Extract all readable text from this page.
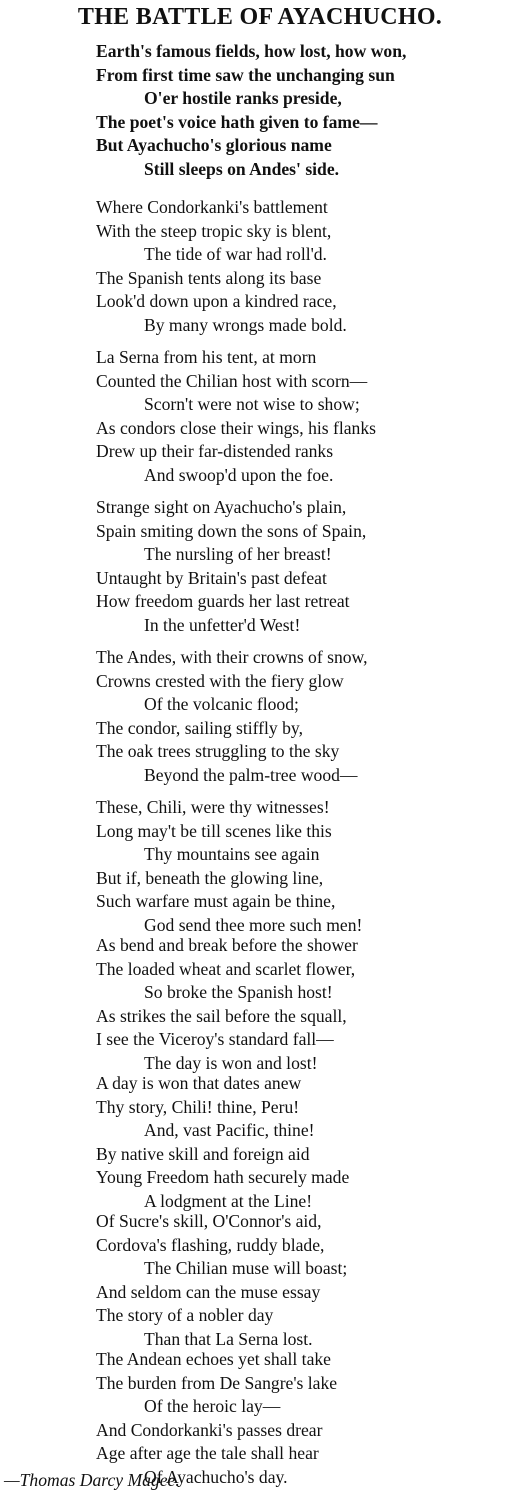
THE BATTLE OF AYACHUCHO.
Earth's famous fields, how lost, how won,
From first time saw the unchanging sun
O'er hostile ranks preside,
The poet's voice hath given to fame—
But Ayachucho's glorious name
Still sleeps on Andes' side.
Where Condorkanki's battlement
With the steep tropic sky is blent,
The tide of war had roll'd.
The Spanish tents along its base
Look'd down upon a kindred race,
By many wrongs made bold.
La Serna from his tent, at morn
Counted the Chilian host with scorn—
Scorn't were not wise to show;
As condors close their wings, his flanks
Drew up their far-distended ranks
And swoop'd upon the foe.
Strange sight on Ayachucho's plain,
Spain smiting down the sons of Spain,
The nursling of her breast!
Untaught by Britain's past defeat
How freedom guards her last retreat
In the unfetter'd West!
The Andes, with their crowns of snow,
Crowns crested with the fiery glow
Of the volcanic flood;
The condor, sailing stiffly by,
The oak trees struggling to the sky
Beyond the palm-tree wood—
These, Chili, were thy witnesses!
Long may't be till scenes like this
Thy mountains see again
But if, beneath the glowing line,
Such warfare must again be thine,
God send thee more such men!
As bend and break before the shower
The loaded wheat and scarlet flower,
So broke the Spanish host!
As strikes the sail before the squall,
I see the Viceroy's standard fall—
The day is won and lost!
A day is won that dates anew
Thy story, Chili! thine, Peru!
And, vast Pacific, thine!
By native skill and foreign aid
Young Freedom hath securely made
A lodgment at the Line!
Of Sucre's skill, O'Connor's aid,
Cordova's flashing, ruddy blade,
The Chilian muse will boast;
And seldom can the muse essay
The story of a nobler day
Than that La Serna lost.
The Andean echoes yet shall take
The burden from De Sangre's lake
Of the heroic lay—
And Condorkanki's passes drear
Age after age the tale shall hear
Of Ayachucho's day.
—Thomas Darcy Magee.
